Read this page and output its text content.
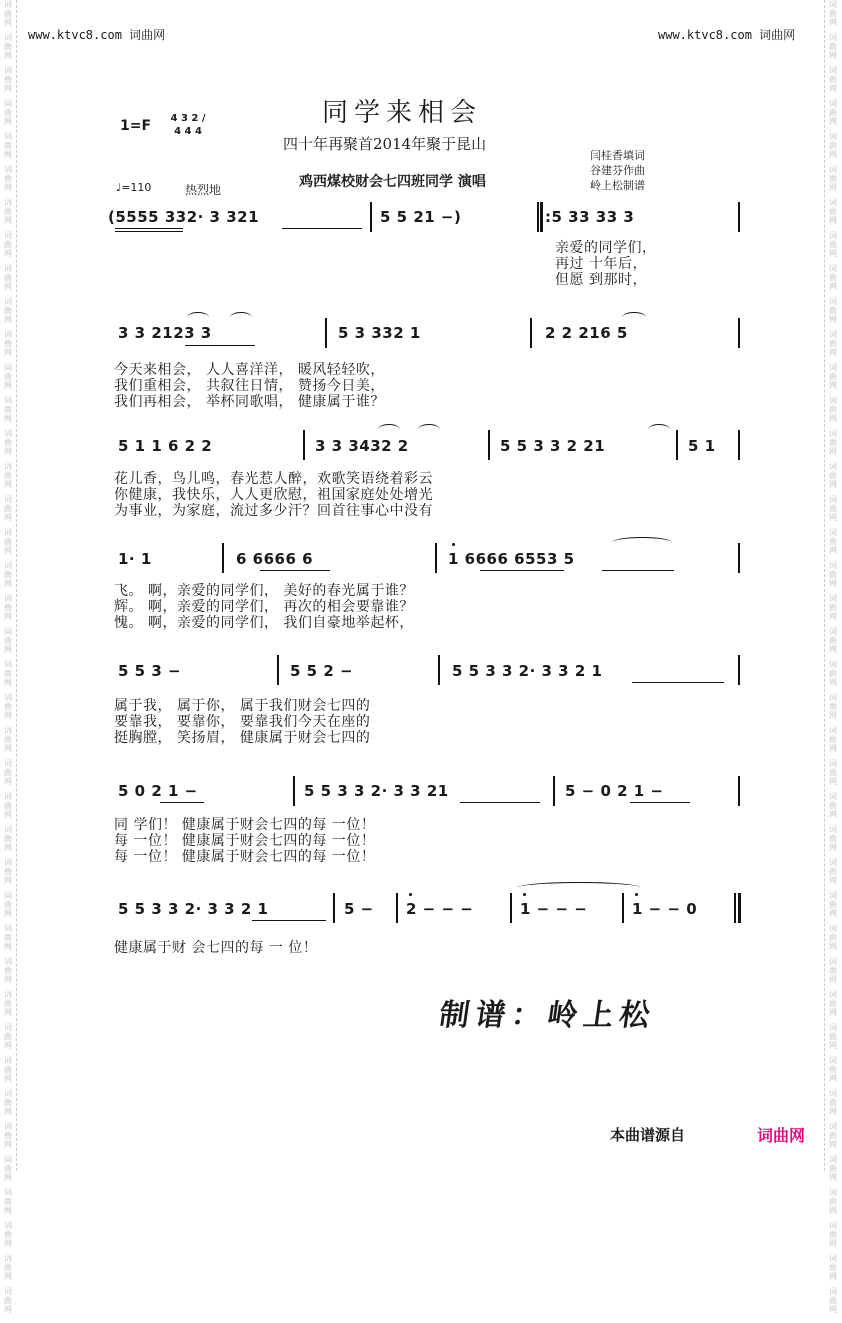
词
曲
网

词
曲
网

词
曲
网

词
曲
网

词
曲
网

词
曲
网

词
曲
网

词
曲
网

词
曲
网

词
曲
网

词
曲
网

词
曲
网

词
曲
网

词
曲
网

词
曲
网

词
曲
网

词
曲
网

词
曲
网

词
曲
网

词
曲
网

词
曲
网

词
曲
网

词
曲
网

词
曲
网

词
曲
网

词
曲
网

词
曲
网

词
曲
网

词
曲
网

词
曲
网

词
曲
网

词
曲
网

词
曲
网

词
曲
网

词
曲
网

词
曲
网

词
曲
网

词
曲
网

词
曲
网

词
曲
网

词
曲
网

词
曲
网

词
曲
网

词
曲
网

词
曲
网

词
曲
网

词
曲
网

词
曲
网

词
曲
网

词
曲
网

词
曲
网

词
曲
网

词
曲
网

词
曲
网

词
曲
网

词
曲
网

词
曲
网

词
曲
网

词
曲
网

词
曲
网

词
曲
网

词
曲
网

词
曲
网

词
曲
网

词
曲
网

词
曲
网

词
曲
网

词
曲
网

词
曲
网

词
曲
网

词
曲
网

词
曲
网

词
曲
网

词
曲
网

词
曲
网

词
曲
网

词
曲
网

词
曲
网

词
曲
网

词
曲
网

www.ktvc8.com 词曲网	www.ktvc8.com 词曲网
同学来相会
四十年再聚首2014年聚于昆山
1=F 4 3 2 / 4 4 4
♩=110	热烈地	鸡西煤校财会七四班同学 演唱
闫桂香填词
谷建芬作曲
岭上松制谱
(5555 332· 3 321	5 5 21 −)	:5 33 33 3
亲爱的同学们，
再过 十年后，
但愿 到那时，
3 3 2123 3	5 3 332 1	2 2 216 5
今天来相会， 人人喜洋洋， 暖风轻轻吹，
我们重相会， 共叙往日情， 赞扬今日美，
我们再相会， 举杯同歌唱， 健康属于谁？
5 1 1 6 2 2	3 3 3432 2	5 5 3 3 2 21	5 1
花儿香，鸟儿鸣，春光惹人醉，欢歌笑语绕着彩云
你健康，我快乐，人人更欣慰，祖国家庭处处增光
为事业，为家庭，流过多少汗？回首往事心中没有
1· 1	6 6666 6	1 6666 6553 5
飞。 啊，亲爱的同学们， 美好的春光属于谁？
辉。 啊，亲爱的同学们， 再次的相会要靠谁？
愧。 啊，亲爱的同学们， 我们自豪地举起杯，
5 5 3 −	5 5 2 −	5 5 3 3 2· 3 3 2 1
属于我， 属于你， 属于我们财会七四的
要靠我， 要靠你， 要靠我们今天在座的
挺胸膛， 笑扬眉， 健康属于财会七四的
5 0 2 1 −	5 5 3 3 2· 3 3 21	5 − 0 2 1 −
同 学们！ 健康属于财会七四的每 一位！
每 一位！ 健康属于财会七四的每 一位！
每 一位！ 健康属于财会七四的每 一位！
5 5 3 3 2· 3 3 2 1	5 − 2 − − −	1 − − −	1 − − 0
健康属于财 会七四的每 一 位！
制谱：岭上松
本曲谱源自	词曲网
